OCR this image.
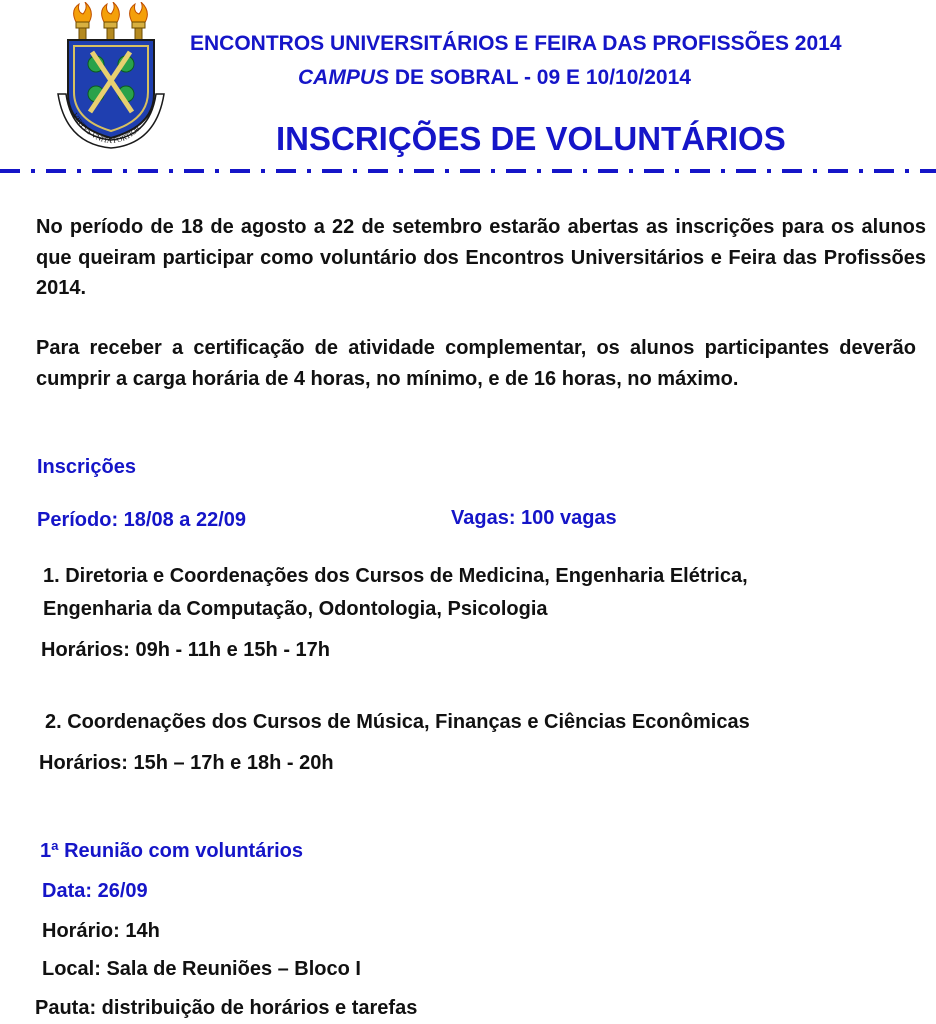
VIRTVS VNITA FORTIOR
ENCONTROS UNIVERSITÁRIOS E FEIRA DAS PROFISSÕES 2014
CAMPUS DE SOBRAL - 09 E 10/10/2014
INSCRIÇÕES DE VOLUNTÁRIOS
No período de 18 de agosto a 22 de setembro estarão abertas as inscrições para os alunos que queiram participar como voluntário dos Encontros Universitários e Feira das Profissões 2014.
Para receber a certificação de atividade complementar, os alunos participantes deverão cumprir a carga horária de 4 horas, no mínimo, e de 16 horas, no máximo.
Inscrições
Período: 18/08 a 22/09	Vagas: 100 vagas
1. Diretoria e Coordenações dos Cursos de Medicina, Engenharia Elétrica,
Engenharia da Computação, Odontologia, Psicologia
Horários: 09h - 11h e 15h - 17h
2. Coordenações dos Cursos de Música, Finanças e Ciências Econômicas
Horários: 15h – 17h e 18h - 20h
1ª Reunião com voluntários
Data: 26/09
Horário: 14h
Local: Sala de Reuniões – Bloco I
Pauta: distribuição de horários e tarefas
